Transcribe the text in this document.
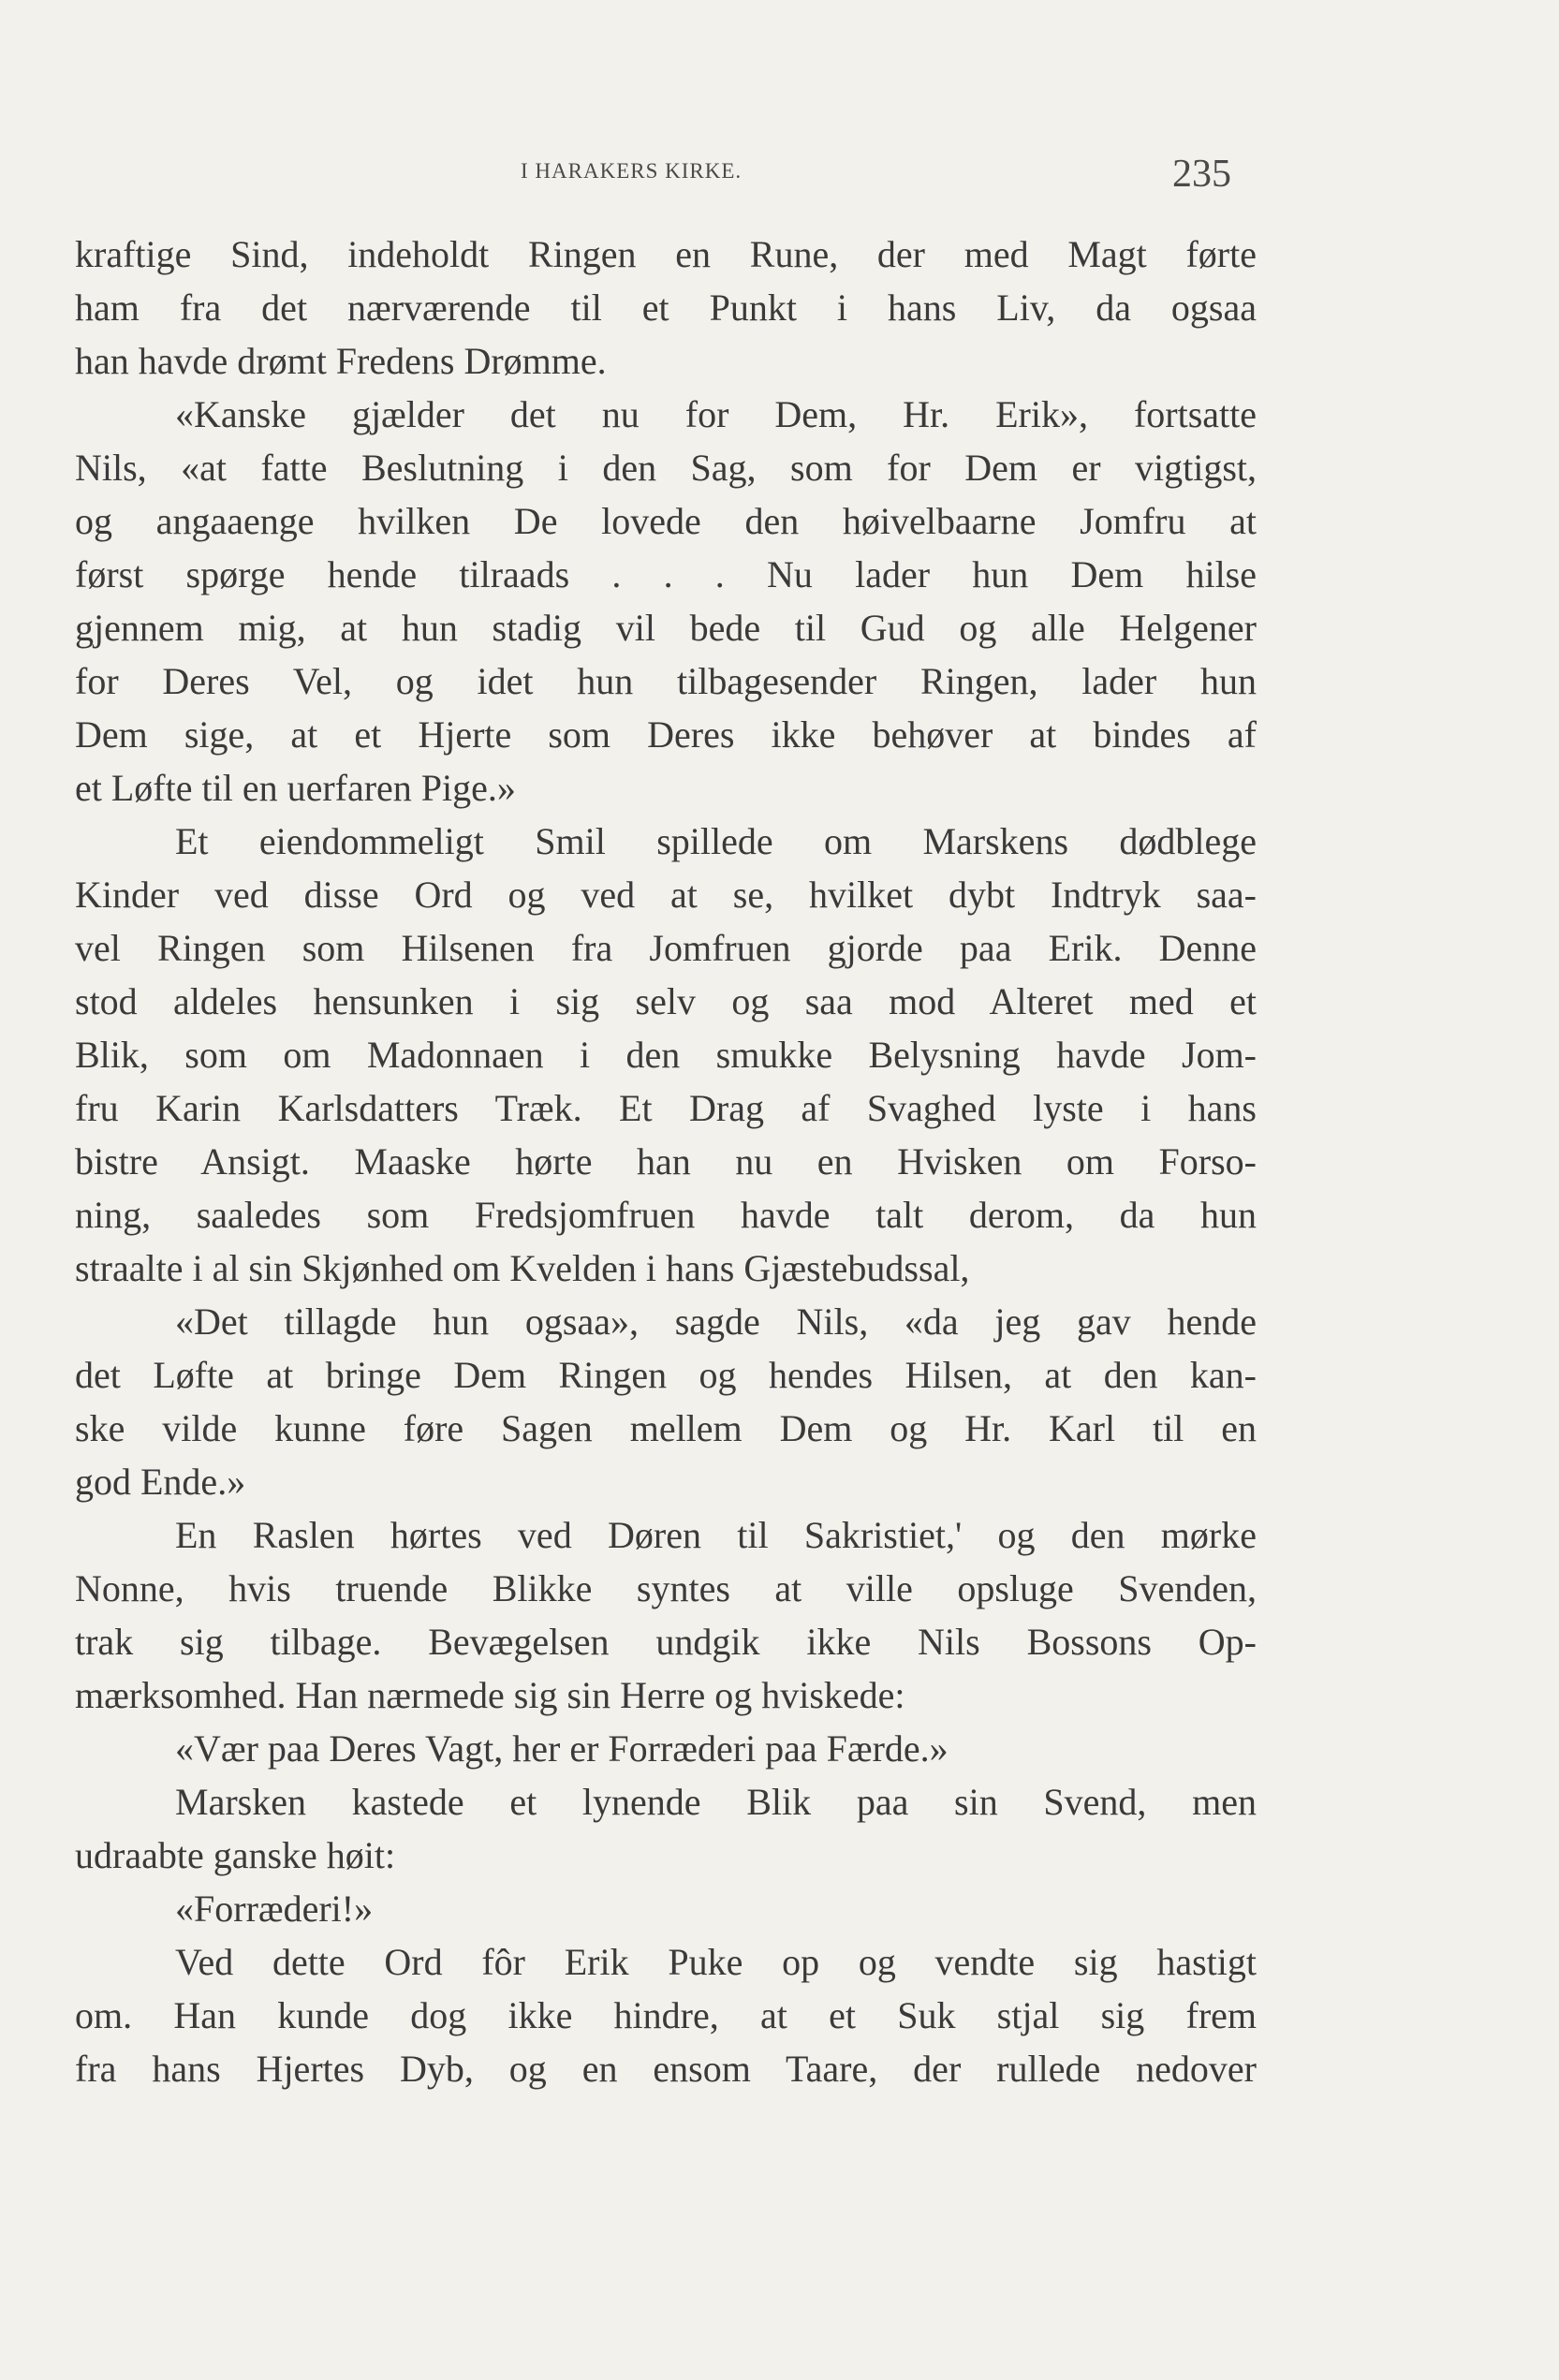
I HARAKERS KIRKE.	235
kraftige Sind, indeholdt Ringen en Rune, der med Magt førte
ham fra det nærværende til et Punkt i hans Liv, da ogsaa
han havde drømt Fredens Drømme.
«Kanske gjælder det nu for Dem, Hr. Erik», fortsatte
Nils, «at fatte Beslutning i den Sag, som for Dem er vigtigst,
og angaaenge hvilken De lovede den høivelbaarne Jomfru at
først spørge hende tilraads . . . Nu lader hun Dem hilse
gjennem mig, at hun stadig vil bede til Gud og alle Helgener
for Deres Vel, og idet hun tilbagesender Ringen, lader hun
Dem sige, at et Hjerte som Deres ikke behøver at bindes af
et Løfte til en uerfaren Pige.»
Et eiendommeligt Smil spillede om Marskens dødblege
Kinder ved disse Ord og ved at se, hvilket dybt Indtryk saa-
vel Ringen som Hilsenen fra Jomfruen gjorde paa Erik. Denne
stod aldeles hensunken i sig selv og saa mod Alteret med et
Blik, som om Madonnaen i den smukke Belysning havde Jom-
fru Karin Karlsdatters Træk. Et Drag af Svaghed lyste i hans
bistre Ansigt. Maaske hørte han nu en Hvisken om Forso-
ning, saaledes som Fredsjomfruen havde talt derom, da hun
straalte i al sin Skjønhed om Kvelden i hans Gjæstebudssal,
«Det tillagde hun ogsaa», sagde Nils, «da jeg gav hende
det Løfte at bringe Dem Ringen og hendes Hilsen, at den kan-
ske vilde kunne føre Sagen mellem Dem og Hr. Karl til en
god Ende.»
En Raslen hørtes ved Døren til Sakristiet,' og den mørke
Nonne, hvis truende Blikke syntes at ville opsluge Svenden,
trak sig tilbage. Bevægelsen undgik ikke Nils Bossons Op-
mærksomhed. Han nærmede sig sin Herre og hviskede:
«Vær paa Deres Vagt, her er Forræderi paa Færde.»
Marsken kastede et lynende Blik paa sin Svend, men
udraabte ganske høit:
«Forræderi!»
Ved dette Ord fôr Erik Puke op og vendte sig hastigt
om. Han kunde dog ikke hindre, at et Suk stjal sig frem
fra hans Hjertes Dyb, og en ensom Taare, der rullede nedover
